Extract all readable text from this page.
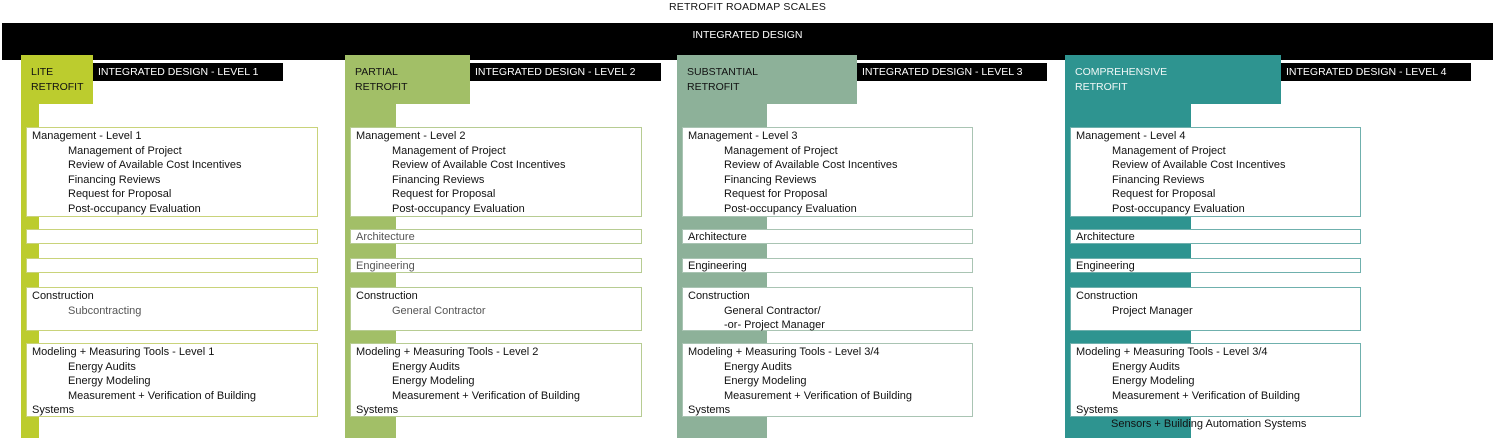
RETROFIT ROADMAP SCALES
INTEGRATED DESIGN
LITE
RETROFIT
INTEGRATED DESIGN - LEVEL 1
Management - Level 1
Management of Project
Review of Available Cost Incentives
Financing Reviews
Request for Proposal
Post-occupancy Evaluation
Construction
Subcontracting
Modeling + Measuring Tools - Level 1
Energy Audits
Energy Modeling
Measurement + Verification of Building
Systems
PARTIAL
RETROFIT
INTEGRATED DESIGN - LEVEL 2
Management - Level 2
Management of Project
Review of Available Cost Incentives
Financing Reviews
Request for Proposal
Post-occupancy Evaluation
Architecture
Engineering
Construction
General Contractor
Modeling + Measuring Tools - Level 2
Energy Audits
Energy Modeling
Measurement + Verification of Building
Systems
SUBSTANTIAL
RETROFIT
INTEGRATED DESIGN - LEVEL 3
Management - Level 3
Management of Project
Review of Available Cost Incentives
Financing Reviews
Request for Proposal
Post-occupancy Evaluation
Architecture
Engineering
Construction
General Contractor/
-or- Project Manager
Modeling + Measuring Tools - Level 3/4
Energy Audits
Energy Modeling
Measurement + Verification of Building
Systems
COMPREHENSIVE
RETROFIT
INTEGRATED DESIGN - LEVEL 4
Management - Level 4
Management of Project
Review of Available Cost Incentives
Financing Reviews
Request for Proposal
Post-occupancy Evaluation
Architecture
Engineering
Construction
Project Manager
Modeling + Measuring Tools - Level 3/4
Energy Audits
Energy Modeling
Measurement + Verification of Building
Systems
Sensors + Building Automation Systems
